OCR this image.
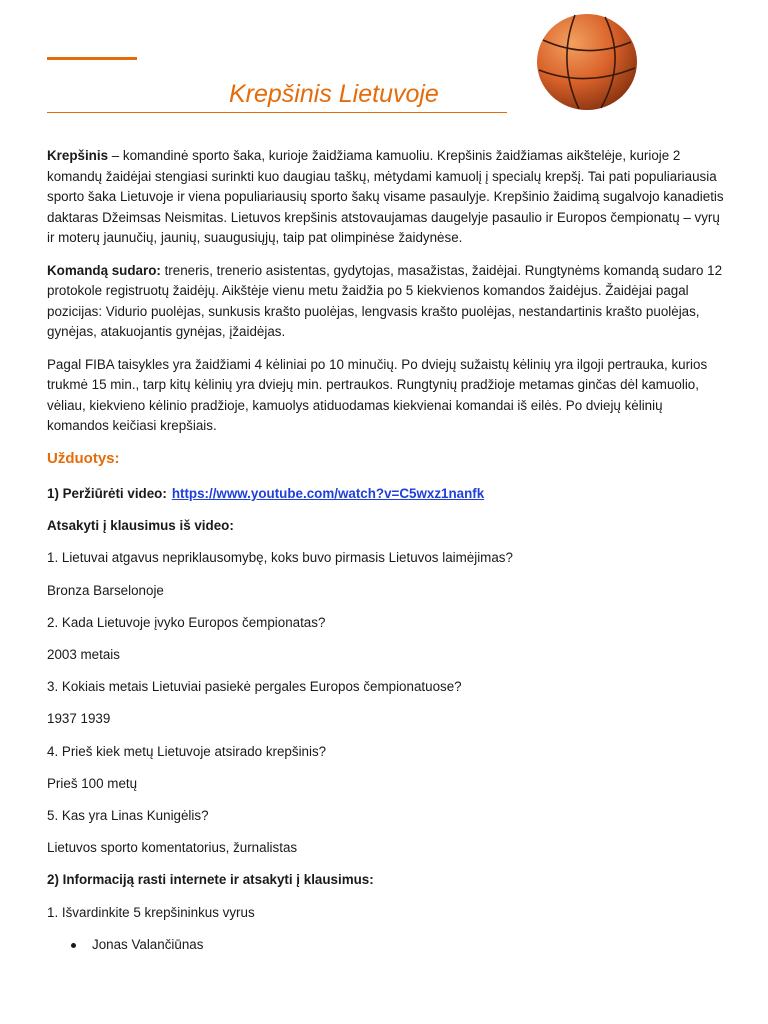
Krepšinis Lietuvoje

Krepšinis – komandinė sporto šaka, kurioje žaidžiama kamuoliu. Krepšinis žaidžiamas aikštelėje, kurioje 2 komandų žaidėjai stengiasi surinkti kuo daugiau taškų, mėtydami kamuolį į specialų krepšį. Tai pati populiariausia sporto šaka Lietuvoje ir viena populiariausių sporto šakų visame pasaulyje. Krepšinio žaidimą sugalvojo kanadietis daktaras Džeimsas Neismitas. Lietuvos krepšinis atstovaujamas daugelyje pasaulio ir Europos čempionatų – vyrų ir moterų jaunučių, jaunių, suaugusiųjų, taip pat olimpinėse žaidynėse.

Komandą sudaro: treneris, trenerio asistentas, gydytojas, masažistas, žaidėjai. Rungtynėms komandą sudaro 12 protokole registruotų žaidėjų. Aikštėje vienu metu žaidžia po 5 kiekvienos komandos žaidėjus. Žaidėjai pagal pozicijas: Vidurio puolėjas, sunkusis krašto puolėjas, lengvasis krašto puolėjas, nestandartinis krašto puolėjas, gynėjas, atakuojantis gynėjas, įžaidėjas.

Pagal FIBA taisykles yra žaidžiami 4 kėliniai po 10 minučių. Po dviejų sužaistų kėlinių yra ilgoji pertrauka, kurios trukmė 15 min., tarp kitų kėlinių yra dviejų min. pertraukos. Rungtynių pradžioje metamas ginčas dėl kamuolio, vėliau, kiekvieno kėlinio pradžioje, kamuolys atiduodamas kiekvienai komandai iš eilės. Po dviejų kėlinių komandos keičiasi krepšiais.

Užduotys:

1) Peržiūrėti video: https://www.youtube.com/watch?v=C5wxz1nanfk

Atsakyti į klausimus iš video:

1. Lietuvai atgavus nepriklausomybę, koks buvo pirmasis Lietuvos laimėjimas?

Bronza Barselonoje

2. Kada Lietuvoje įvyko Europos čempionatas?

2003 metais

3. Kokiais metais Lietuviai pasiekė pergales Europos čempionatuose?

1937 1939

4. Prieš kiek metų Lietuvoje atsirado krepšinis?

Prieš 100 metų

5. Kas yra Linas Kunigėlis?

Lietuvos sporto komentatorius, žurnalistas

2) Informaciją rasti internete ir atsakyti į klausimus:

1. Išvardinkite 5 krepšininkus vyrus

Jonas Valančiūnas
